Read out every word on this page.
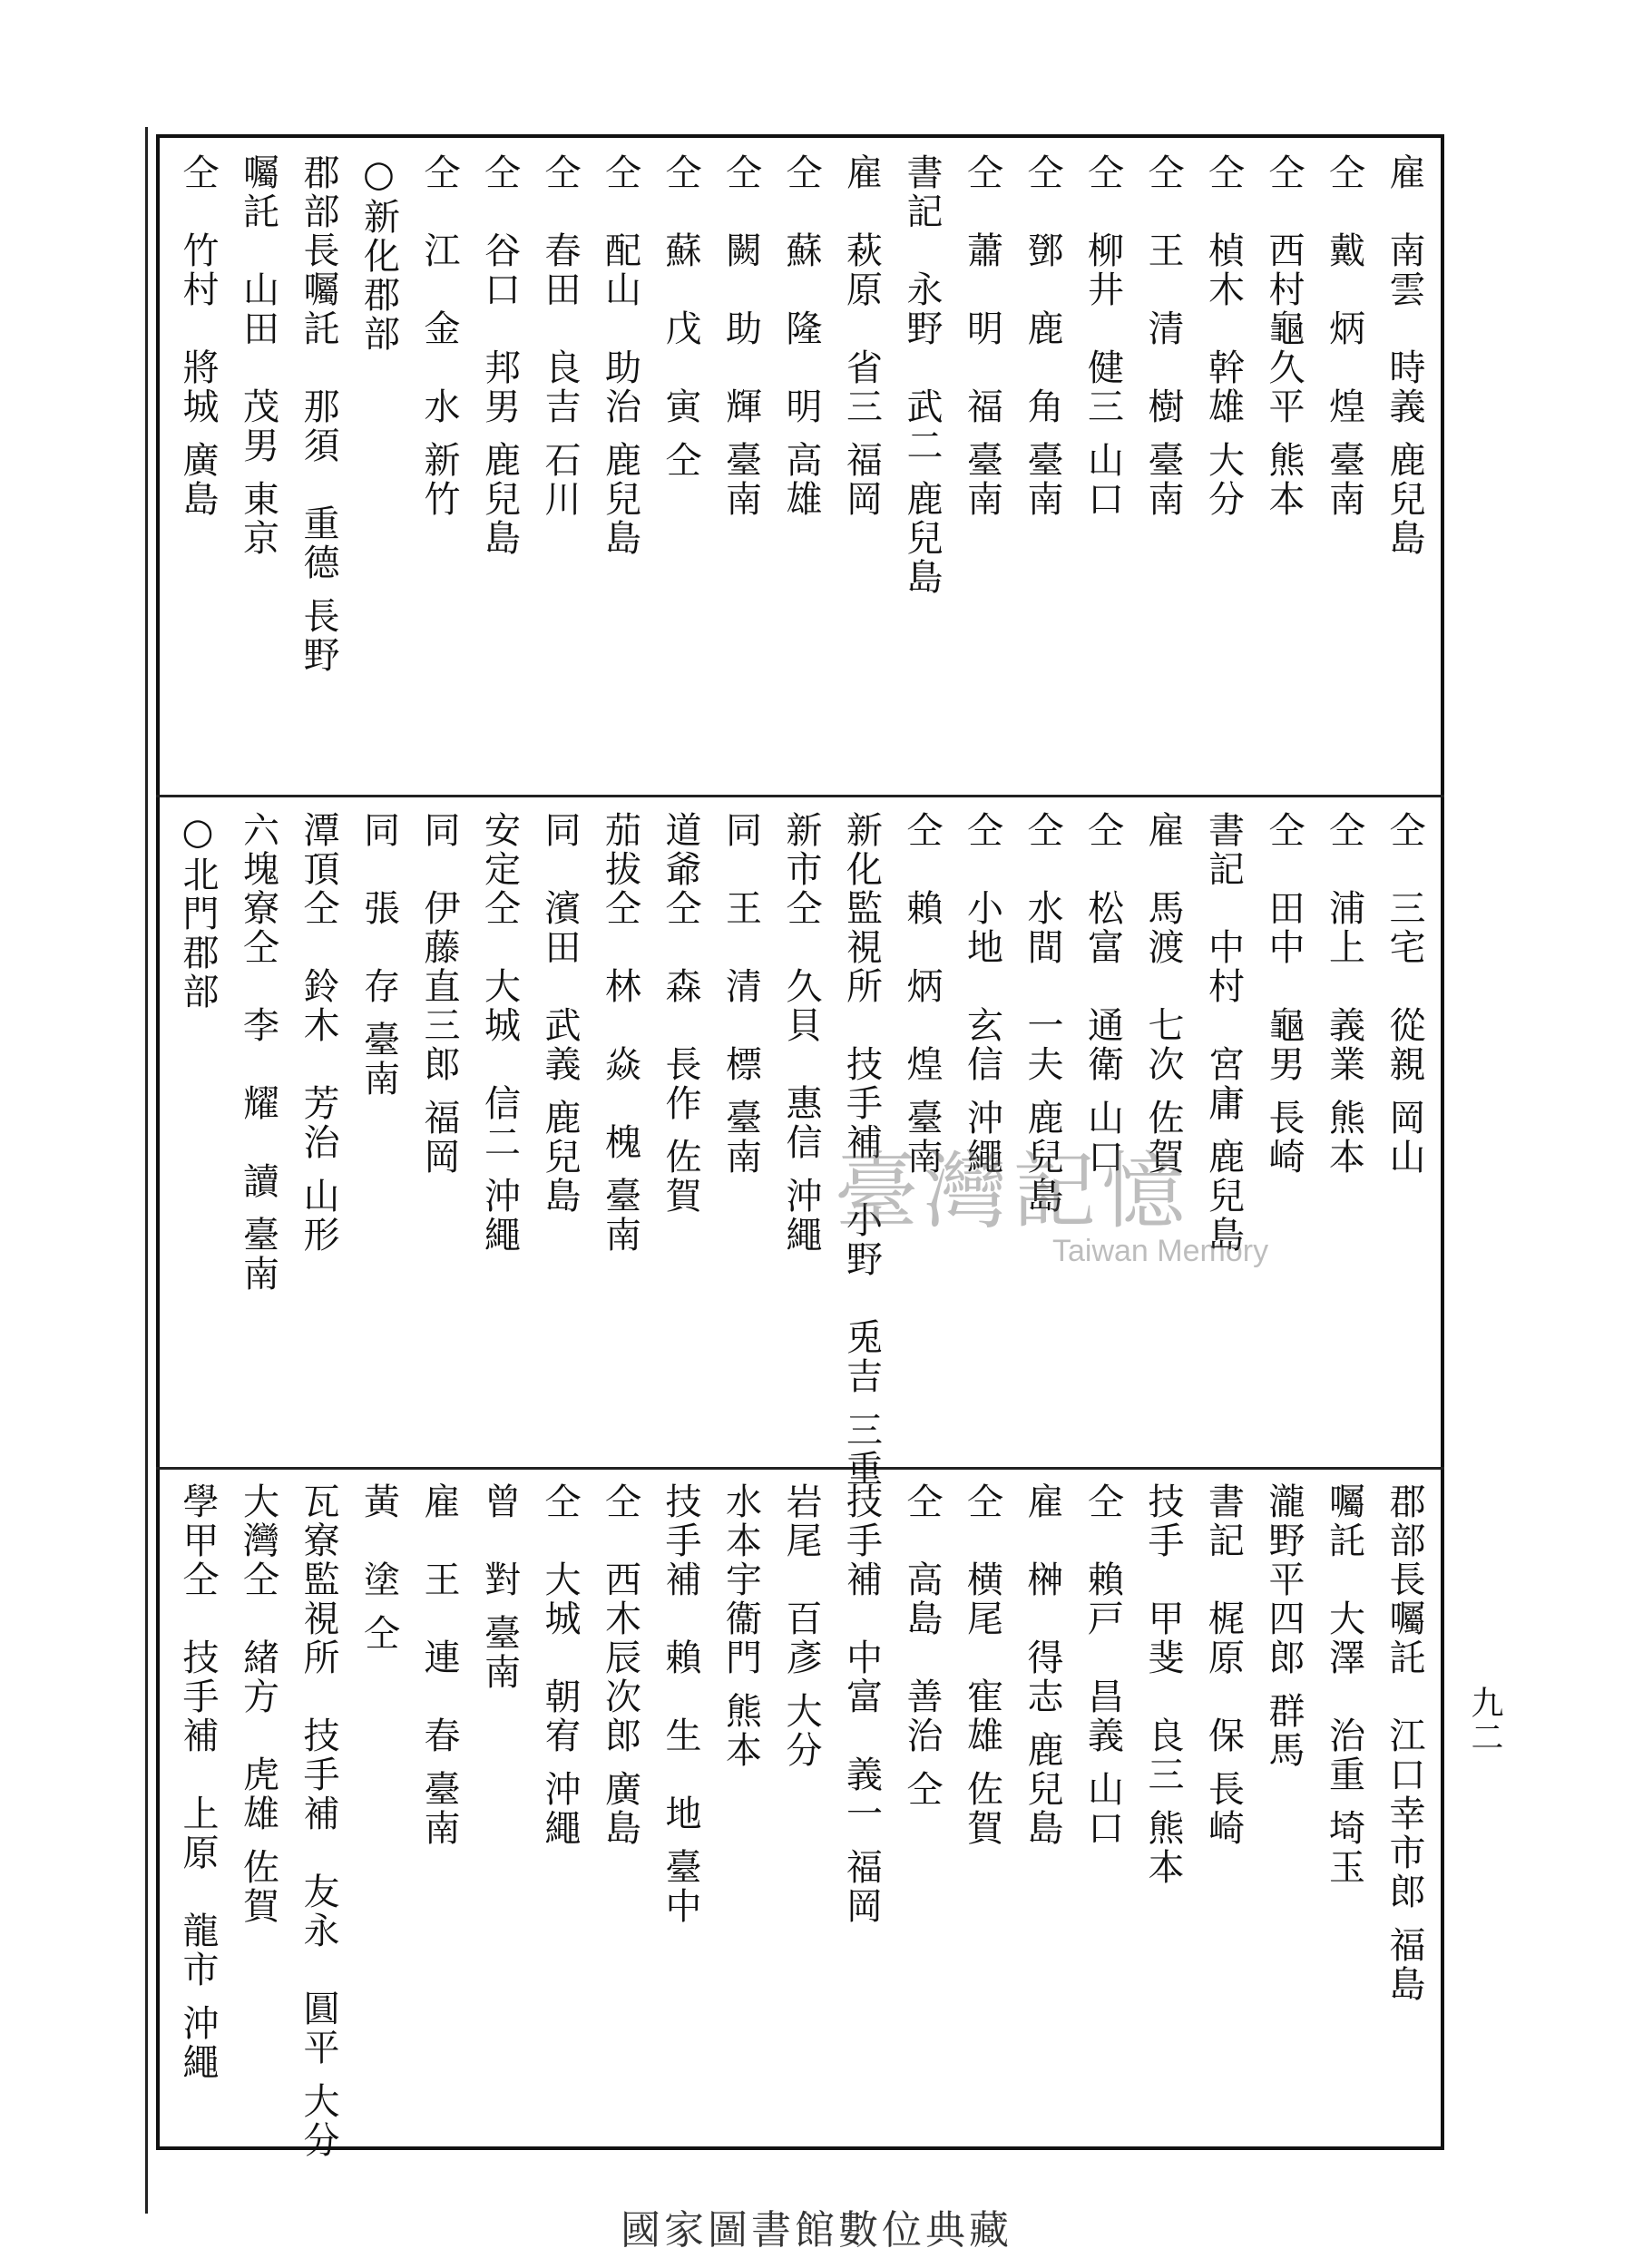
九二
雇　南雲　時義 鹿兒島
仝　戴　炳　煌 臺南
仝　西村龜久平 熊本
仝　楨木　幹雄 大分
仝　王　清　樹 臺南
仝　柳井　健三 山口
仝　鄧　鹿　角 臺南
仝　蕭　明　福 臺南
書記　永野　武二 鹿兒島
雇　萩原　省三 福岡
仝　蘇　隆　明 高雄
仝　闕　助　輝 臺南
仝　蘇　戊　寅 仝
仝　配山　助治 鹿兒島
仝　春田　良吉 石川
仝　谷口　邦男 鹿兒島
仝　江　金　水 新竹
○新化郡部
郡部長囑託　那須　重德 長野
囑託　山田　茂男 東京
仝　竹村　將城 廣島
仝　三宅　從親 岡山
仝　浦上　義業 熊本
仝　田中　龜男 長崎
書記　中村　宮庸 鹿兒島
雇　馬渡　七次 佐賀
仝　松富　通衛 山口
仝　水間　一夫 鹿兒島
仝　小地　玄信 沖繩
仝　賴　炳　煌 臺南
新化監視所　技手補　小野　兎吉 三重
新市仝　久貝　惠信 沖繩
同　王　清　標 臺南
道爺仝　森　長作 佐賀
茄拔仝　林　焱　槐 臺南
同　濱田　武義 鹿兒島
安定仝　大城　信二 沖繩
同　伊藤直三郎 福岡
同　張　存 臺南
潭頂仝　鈴木　芳治 山形
六塊寮仝　李　耀　讀 臺南
○北門郡部
郡部長囑託　江口幸市郎 福島
囑託　大澤　治重 埼玉
瀧野平四郎 群馬
書記　梶原　保 長崎
技手　甲斐　良三 熊本
仝　賴戸　昌義 山口
雇　榊　得志 鹿兒島
仝　横尾　寉雄 佐賀
仝　高島　善治 仝
技手補　中富　義一 福岡
岩尾　百彥 大分
水本宇衞門 熊本
技手補　賴　生　地 臺中
仝　西木辰次郎 廣島
仝　大城　朝宥 沖繩
曾　對 臺南
雇　王　連　春 臺南
黃　塗 仝
瓦寮監視所　技手補　友永　圓平 大分
大灣仝　緒方　虎雄 佐賀
學甲仝　技手補　上原　龍市 沖繩
臺灣記憶
Taiwan Memory
國家圖書館數位典藏
